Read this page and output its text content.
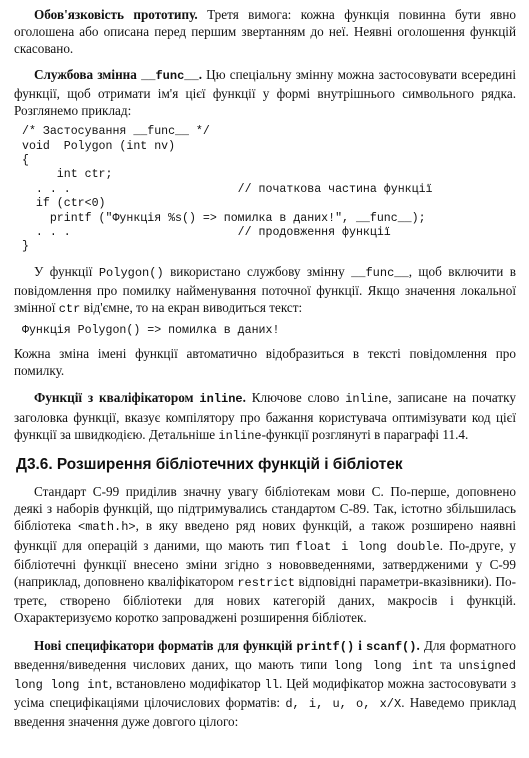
Обов'язковість прототипу. Третя вимога: кожна функція повинна бути явно оголошена або описана перед першим звертанням до неї. Неявні оголошення функцій скасовано.

Службова змінна __func__. Цю спеціальну змінну можна застосовувати всередині функції, щоб отримати ім'я цієї функції у формі внутрішнього символьного рядка. Розглянемо приклад:

/* Застосування __func__ */
void  Polygon (int nv)
{
int ctr;
. . .                        // початкова частина функції
if (ctr<0)
printf ("Функція %s() => помилка в даних!", __func__);
. . .                        // продовження функції
}

У функції Polygon() використано службову змінну __func__, щоб включити в повідомлення про помилку найменування поточної функції. Якщо значення локальної змінної ctr від'ємне, то на екран виводиться текст:

Функція Polygon() => помилка в даних!

Кожна зміна імені функції автоматично відобразиться в тексті повідомлення про помилку.

Функції з кваліфікатором inline. Ключове слово inline, записане на початку заголовка функції, вказує компілятору про бажання користувача оптимізувати код цієї функції за швидкодією. Детальніше inline-функції розглянуті в параграфі 11.4.

Д3.6. Розширення бібліотечних функцій і бібліотек

Стандарт С-99 приділив значну увагу бібліотекам мови С. По-перше, доповнено деякі з наборів функцій, що підтримувались стандартом С-89. Так, істотно збільшилась бібліотека <math.h>, в яку введено ряд нових функцій, а також розширено наявні функції для операцій з даними, що мають тип float i long double. По-друге, у бібліотечні функції внесено зміни згідно з нововведеннями, затвердженими у С-99 (наприклад, доповнено кваліфікатором restrict відповідні параметри-вказівники). По-третє, створено бібліотеки для нових категорій даних, макросів і функцій. Охарактеризуємо коротко запроваджені розширення бібліотек.

Нові специфікатори форматів для функцій printf() і scanf(). Для форматного введення/виведення числових даних, що мають типи long long int та unsigned long long int, встановлено модифікатор ll. Цей модифікатор можна застосовувати з усіма специфікаціями цілочислових форматів: d, i, u, o, x/X. Наведемо приклад введення значення дуже довгого цілого:
